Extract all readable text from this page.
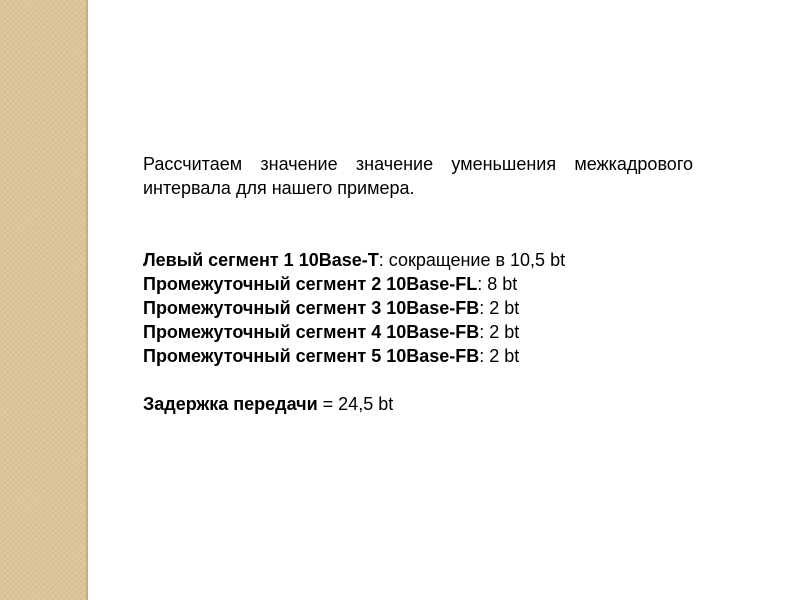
Рассчитаем значение значение уменьшения межкадрового
интервала для нашего примера.

Левый сегмент 1 10Base-T: сокращение в 10,5 bt
Промежуточный сегмент 2 10Base-FL: 8 bt
Промежуточный сегмент 3 10Base-FB: 2 bt
Промежуточный сегмент 4 10Base-FB: 2 bt
Промежуточный сегмент 5 10Base-FB: 2 bt
Задержка передачи = 24,5 bt
